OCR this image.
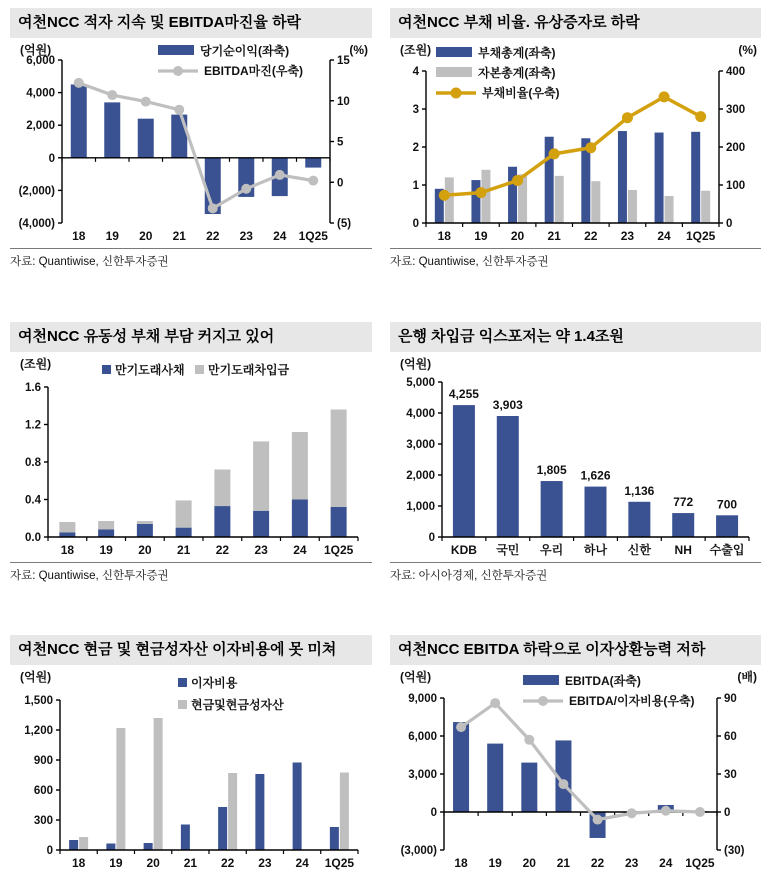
여천NCC 적자 지속 및 EBITDA마진율 하락
(억원)	(%)
6,000
4,000
2,000
0
(2,000)
(4,000)
15
10
5
0
(5)
18 19 20 21 22 23 24 1Q25
당기순이익(좌축)
EBITDA마진(우축)
자료: Quantiwise, 신한투자증권
여천NCC 부채 비율. 유상증자로 하락
(조원)	(%)
4
3
2
1
0
400
300
200
100
0
18 19 20 21 22 23 24 1Q25
부채총계(좌축)
자본총계(좌축)
부채비율(우축)
자료: Quantiwise, 신한투자증권
여천NCC 유동성 부채 부담 커지고 있어
(조원)
1.6
1.2
0.8
0.4
0.0
18 19 20 21 22 23 24 1Q25
만기도래사채 만기도래차입금
자료: Quantiwise, 신한투자증권
은행 차입금 익스포저는 약 1.4조원
(억원)
5,000
4,000
3,000
2,000
1,000
0
4,255
KDB
3,903
국민
1,805
우리
1,626
하나
1,136
신한
772
NH
700
수출입
자료: 아시아경제, 신한투자증권
여천NCC 현금 및 현금성자산 이자비용에 못 미쳐
(억원)
1,500
1,200
900
600
300
0
18 19 20 21 22 23 24 1Q25
이자비용
현금및현금성자산
여천NCC EBITDA 하락으로 이자상환능력 저하
(억원)	(배)
9,000
6,000
3,000
0
(3,000)
90
60
30
0
(30)
18 19 20 21 22 23 24 1Q25
EBITDA(좌축)
EBITDA/이자비용(우축)
